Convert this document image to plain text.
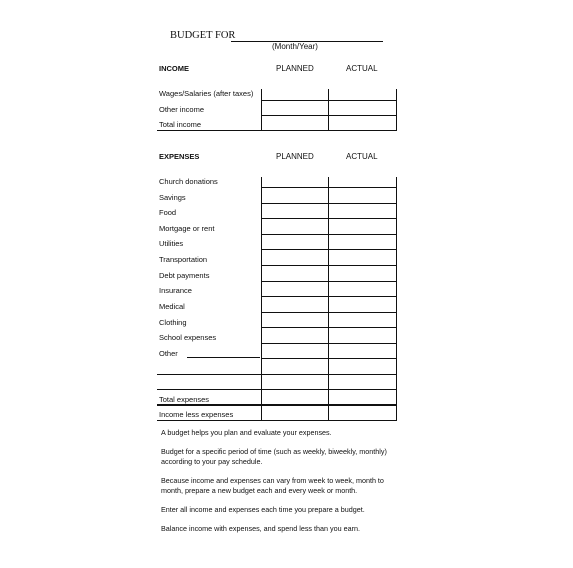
BUDGET FOR
(Month/Year)
INCOME	PLANNED	ACTUAL
Wages/Salaries (after taxes)
Other income
Total income
EXPENSES	PLANNED	ACTUAL
Church donations
Savings
Food
Mortgage or rent
Utilities
Transportation
Debt payments
Insurance
Medical
Clothing
School expenses
Other
Total expenses
Income less expenses

A budget helps you plan and evaluate your expenses.

Budget for a specific period of time (such as weekly, biweekly, monthly) according to your pay schedule.

Because income and expenses can vary from week to week, month to month, prepare a new budget each and every week or month.

Enter all income and expenses each time you prepare a budget.

Balance income with expenses, and spend less than you earn.
